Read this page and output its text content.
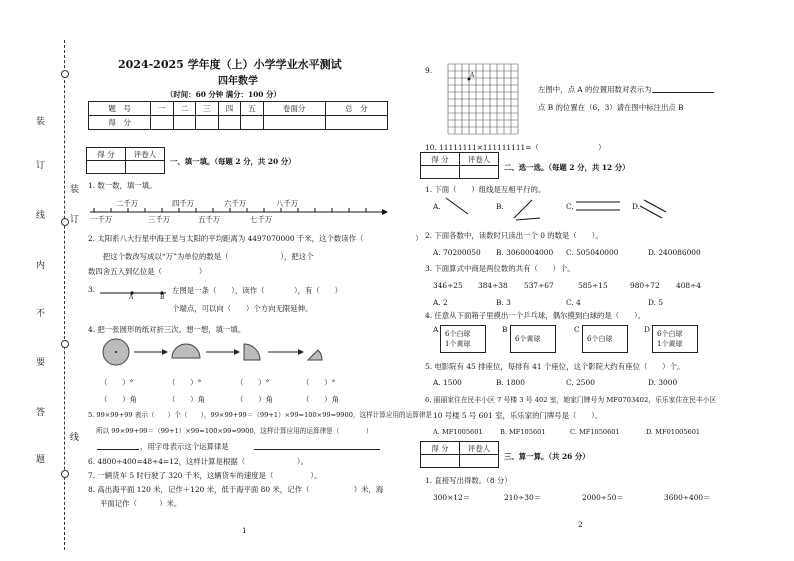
装
订
线
内
不
要
答
题
装
订
线
2024-2025 学年度（上）小学学业水平测试
四年数学
（时间：60 分钟 满分：100 分）
题　号	一	二	三	四	五	卷面分	总　分
得　分							
得 分	评卷人

一、填一填。（每题 2 分，共 20 分）
1. 数一数，填一填。
二千万	四千万	六千万	八千万
一千万	三千万	五千万	七千万
2. 太阳系八大行星中海王星与太阳的平均距离为 4497070000 千米，这个数读作（　　　　　　　）
　　把这个数改写成以“万”为单位的数是（　　　　　　　），把这个
数四舍五入到亿位是（　　　　　）
3.
A	B
左图是一条（　　），读作（　　　　），有（　　）
个端点，可以向（　　）个方向无限延伸。
4. 把一张圆形的纸对折三次。想一想，填一填。
（　　）°	（　　）°	（　　）°	（　　）°
（　　）角	（　　）角	（　　）角	（　　）角
5. 99×99+99 表示（　　）个（　　），99×99+99＝（99+1）×99=100×99=9900，这样计算应用的运算律是
所以 99×99+99＝（99+1）×99=100×99=9900，这样计算应用的运算律是（　　　　）
，用字母表示这个运算律是
6. 4800÷400=48÷4=12，这样计算是根据（　　　　　　　）。
7. 一辆货车 5 时行驶了 320 千米，这辆货车的速度是（　　　　　）。
8. 高出海平面 120 米，记作＋120 米，低于海平面 80 米，记作（　　　　　　）米，海
平面记作（　　　）米。
1
9.
A
左图中，点 A 的位置用数对表示为
点 B 的位置在（6，3）请在图中标注出点 B
10. 11111111×111111111=（　　　　　　　　）
得 分	评卷人

二、选一选。（每题 2 分，共 12 分）
1. 下面（　　）组线是互相平行的。
A.	B.	C.	D.
2. 下面各数中，读数时只读出一个 0 的数是（　　）。
A. 70200050 B. 3060004000 C. 505040000	D. 240086000
3. 下面算式中商是两位数的共有（　　）个。
346÷25 384÷38 537÷67	585÷15	980÷72 408÷4
A. 2	B. 3	C. 4	D. 5
4. 任意从下面箱子里摸出一个乒乓球，偶尔摸到白球的是（　　）。
A 6个白球
1个黄球
B
6个黄球
C
6个白球
D 6个白球
1个黄球
5. 电影院有 45 排座位，每排有 41 个座位，这个影院大约有座位（　　）个。
A. 1500	B. 1800	C. 2500	D. 3000
6. 丽丽家住在民丰小区 7 号楼 3 号 402 室，她家门牌号为 MF0703402，乐乐家住在民丰小区
10 号楼 5 号 601 室，乐乐家的门牌号是（　　）。
A. MF1005601	B. MF105601	C. MF1050601	D. MF01005601
得 分	评卷人

三、算一算。（共 26 分）
1. 直接写出得数。（8 分）
300×12＝	210÷30＝	2000÷50＝	3600÷400＝
2
